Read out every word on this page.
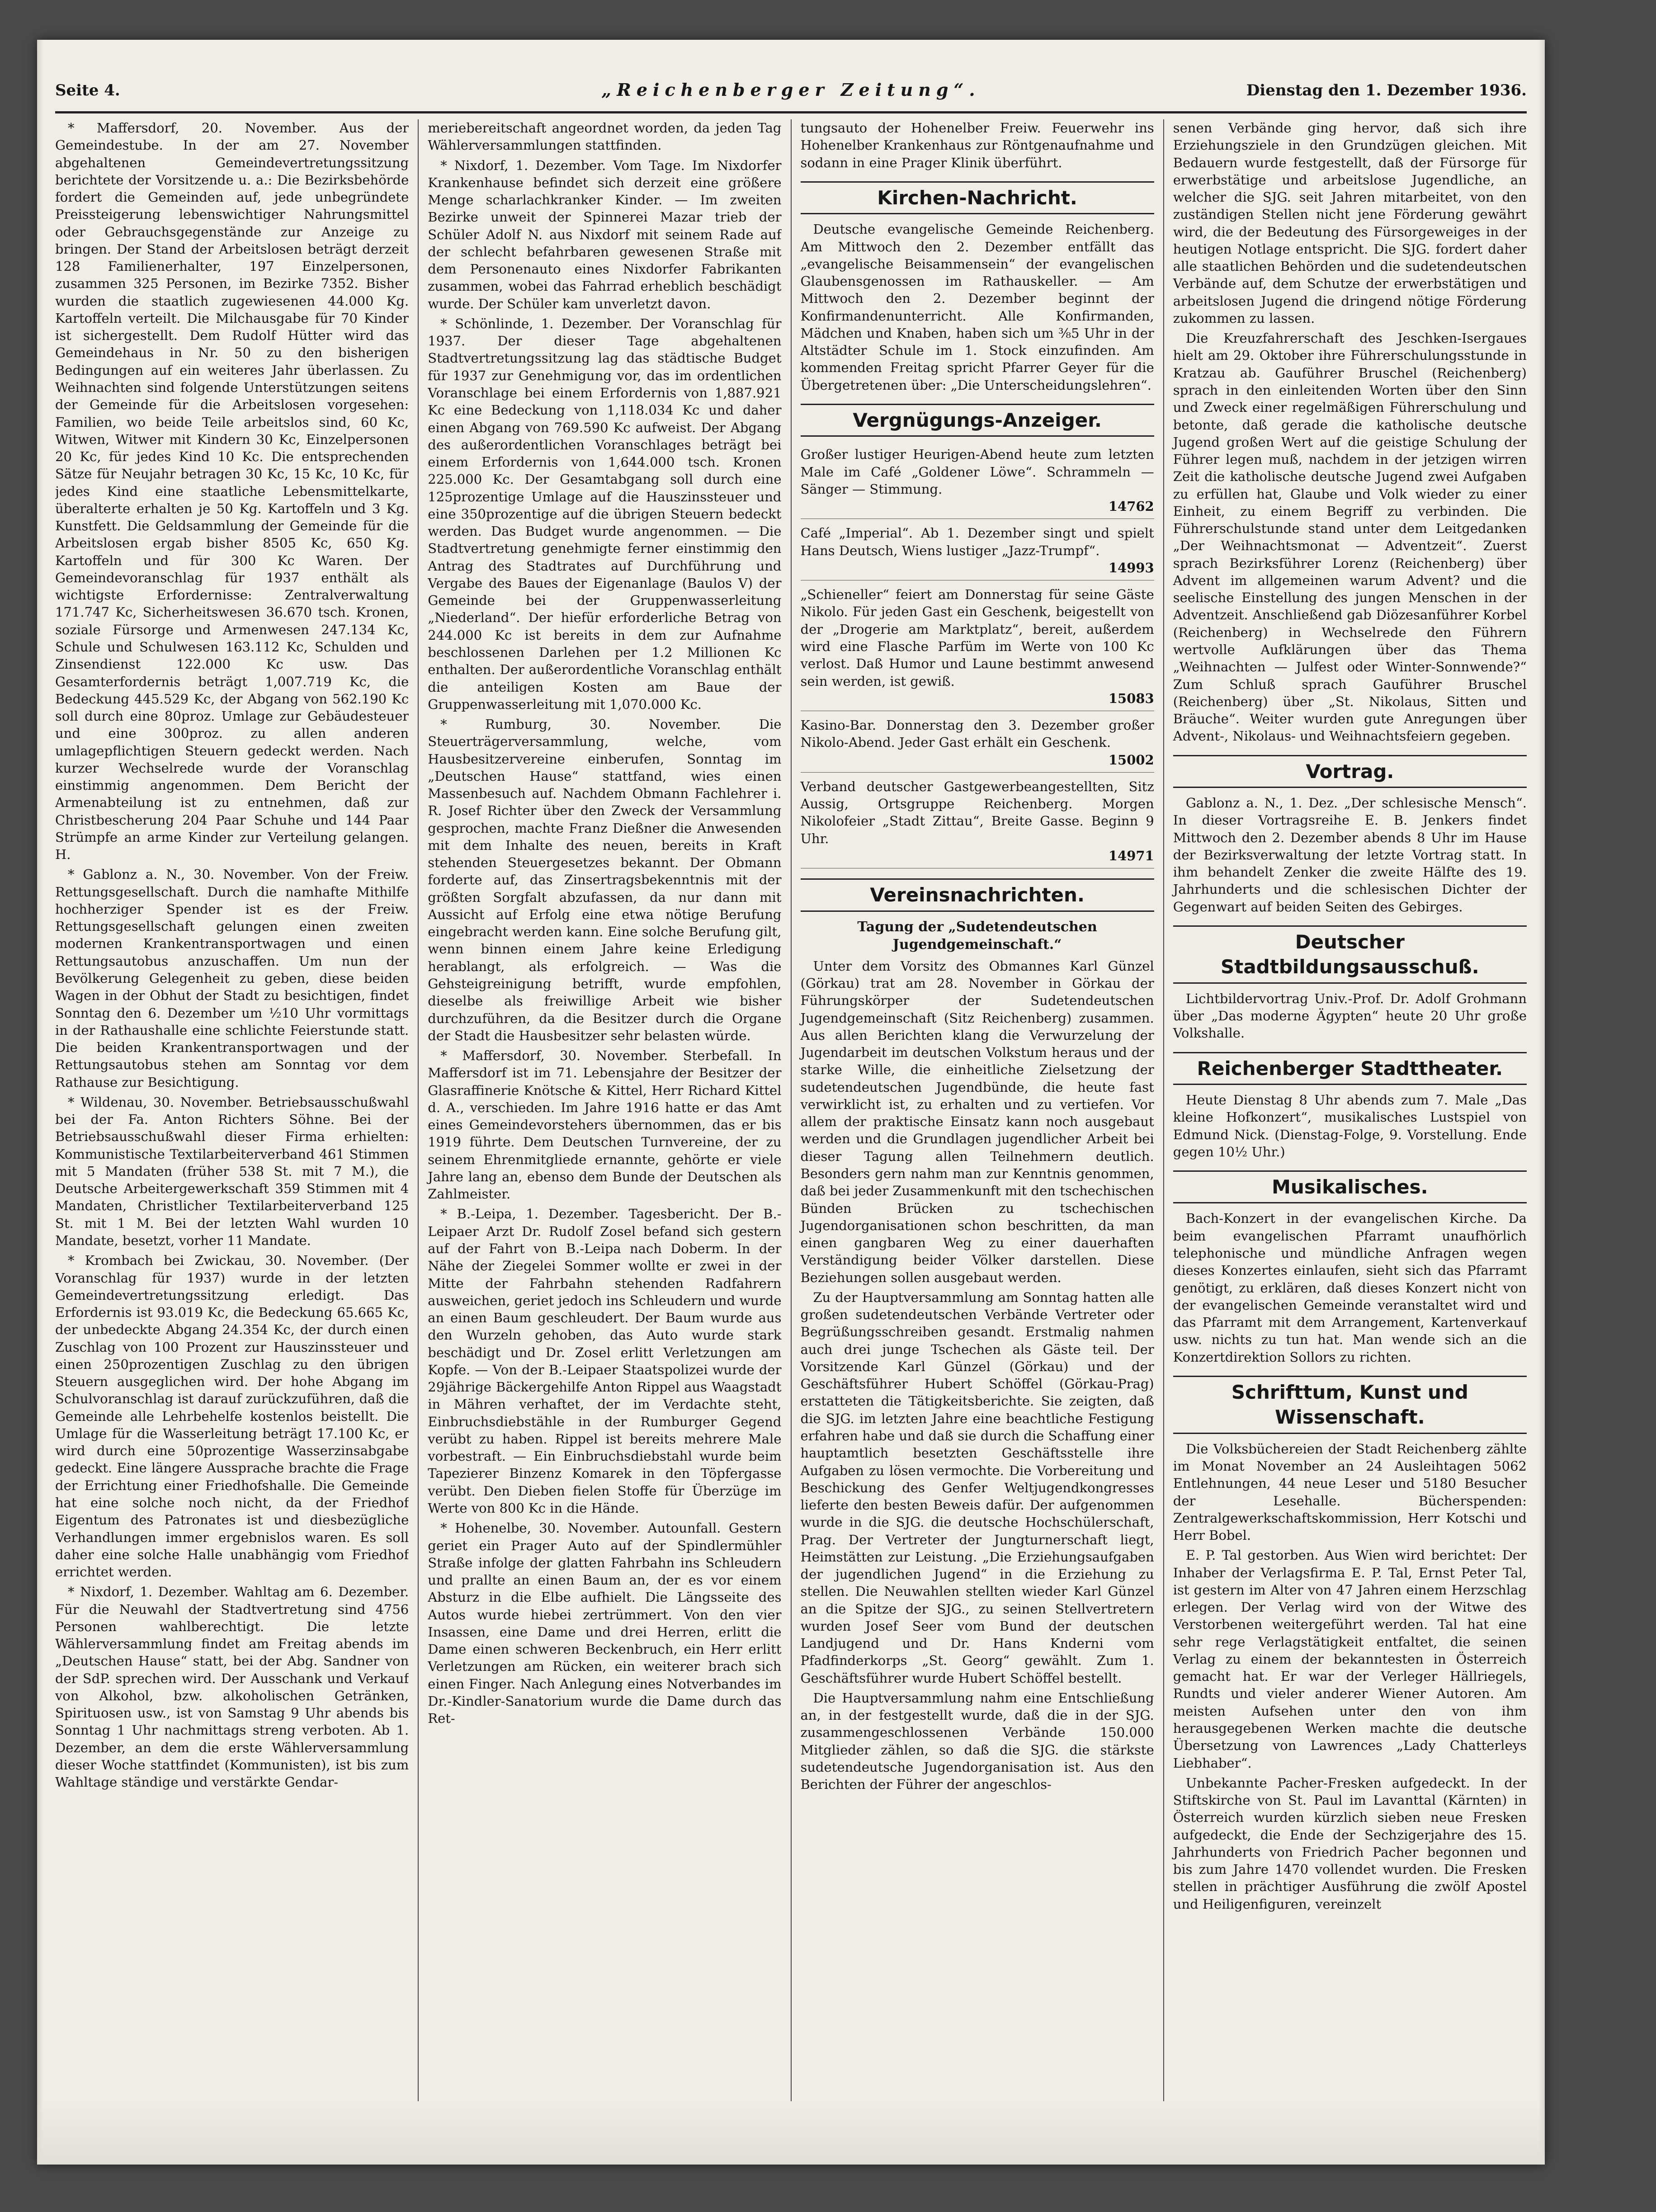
Seite 4.	„Reichenberger Zeitung“.	Dienstag den 1. Dezember 1936.

* Maffersdorf, 20. November. Aus der Gemeindestube. In der am 27. November abgehaltenen Gemeindevertretungssitzung berichtete der Vorsitzende u. a.: Die Bezirksbehörde fordert die Gemeinden auf, jede unbegründete Preissteigerung lebenswichtiger Nahrungsmittel oder Gebrauchsgegenstände zur Anzeige zu bringen. Der Stand der Arbeitslosen beträgt derzeit 128 Familienerhalter, 197 Einzelpersonen, zusammen 325 Personen, im Bezirke 7352. Bisher wurden die staatlich zugewiesenen 44.000 Kg. Kartoffeln verteilt. Die Milchausgabe für 70 Kinder ist sichergestellt. Dem Rudolf Hütter wird das Gemeindehaus in Nr. 50 zu den bisherigen Bedingungen auf ein weiteres Jahr überlassen. Zu Weihnachten sind folgende Unterstützungen seitens der Gemeinde für die Arbeitslosen vorgesehen: Familien, wo beide Teile arbeitslos sind, 60 Kc, Witwen, Witwer mit Kindern 30 Kc, Einzelpersonen 20 Kc, für jedes Kind 10 Kc. Die entsprechenden Sätze für Neujahr betragen 30 Kc, 15 Kc, 10 Kc, für jedes Kind eine staatliche Lebensmittelkarte, überalterte erhalten je 50 Kg. Kartoffeln und 3 Kg. Kunstfett. Die Geldsammlung der Gemeinde für die Arbeitslosen ergab bisher 8505 Kc, 650 Kg. Kartoffeln und für 300 Kc Waren. Der Gemeindevoranschlag für 1937 enthält als wichtigste Erfordernisse: Zentralverwaltung 171.747 Kc, Sicherheitswesen 36.670 tsch. Kronen, soziale Fürsorge und Armenwesen 247.134 Kc, Schule und Schulwesen 163.112 Kc, Schulden und Zinsendienst 122.000 Kc usw. Das Gesamterfordernis beträgt 1,007.719 Kc, die Bedeckung 445.529 Kc, der Abgang von 562.190 Kc soll durch eine 80proz. Umlage zur Gebäudesteuer und eine 300proz. zu allen anderen umlagepflichtigen Steuern gedeckt werden. Nach kurzer Wechselrede wurde der Voranschlag einstimmig angenommen. Dem Bericht der Armenabteilung ist zu entnehmen, daß zur Christbescherung 204 Paar Schuhe und 144 Paar Strümpfe an arme Kinder zur Verteilung gelangen. H.

* Gablonz a. N., 30. November. Von der Freiw. Rettungsgesellschaft. Durch die namhafte Mithilfe hochherziger Spender ist es der Freiw. Rettungsgesellschaft gelungen einen zweiten modernen Krankentransportwagen und einen Rettungsautobus anzuschaffen. Um nun der Bevölkerung Gelegenheit zu geben, diese beiden Wagen in der Obhut der Stadt zu besichtigen, findet Sonntag den 6. Dezember um ½10 Uhr vormittags in der Rathaushalle eine schlichte Feierstunde statt. Die beiden Krankentransportwagen und der Rettungsautobus stehen am Sonntag vor dem Rathause zur Besichtigung.

* Wildenau, 30. November. Betriebsausschußwahl bei der Fa. Anton Richters Söhne. Bei der Betriebsausschußwahl dieser Firma erhielten: Kommunistische Textilarbeiterverband 461 Stimmen mit 5 Mandaten (früher 538 St. mit 7 M.), die Deutsche Arbeitergewerkschaft 359 Stimmen mit 4 Mandaten, Christlicher Textilarbeiterverband 125 St. mit 1 M. Bei der letzten Wahl wurden 10 Mandate, besetzt, vorher 11 Mandate.

* Krombach bei Zwickau, 30. November. (Der Voranschlag für 1937) wurde in der letzten Gemeindevertretungssitzung erledigt. Das Erfordernis ist 93.019 Kc, die Bedeckung 65.665 Kc, der unbedeckte Abgang 24.354 Kc, der durch einen Zuschlag von 100 Prozent zur Hauszinssteuer und einen 250prozentigen Zuschlag zu den übrigen Steuern ausgeglichen wird. Der hohe Abgang im Schulvoranschlag ist darauf zurückzuführen, daß die Gemeinde alle Lehrbehelfe kostenlos beistellt. Die Umlage für die Wasserleitung beträgt 17.100 Kc, er wird durch eine 50prozentige Wasserzinsabgabe gedeckt. Eine längere Aussprache brachte die Frage der Errichtung einer Friedhofshalle. Die Gemeinde hat eine solche noch nicht, da der Friedhof Eigentum des Patronates ist und diesbezügliche Verhandlungen immer ergebnislos waren. Es soll daher eine solche Halle unabhängig vom Friedhof errichtet werden.

* Nixdorf, 1. Dezember. Wahltag am 6. Dezember. Für die Neuwahl der Stadtvertretung sind 4756 Personen wahlberechtigt. Die letzte Wählerversammlung findet am Freitag abends im „Deutschen Hause“ statt, bei der Abg. Sandner von der SdP. sprechen wird. Der Ausschank und Verkauf von Alkohol, bzw. alkoholischen Getränken, Spirituosen usw., ist von Samstag 9 Uhr abends bis Sonntag 1 Uhr nachmittags streng verboten. Ab 1. Dezember, an dem die erste Wählerversammlung dieser Woche stattfindet (Kommunisten), ist bis zum Wahltage ständige und verstärkte Gendar-

meriebereitschaft angeordnet worden, da jeden Tag Wählerversammlungen stattfinden.

* Nixdorf, 1. Dezember. Vom Tage. Im Nixdorfer Krankenhause befindet sich derzeit eine größere Menge scharlachkranker Kinder. — Im zweiten Bezirke unweit der Spinnerei Mazar trieb der Schüler Adolf N. aus Nixdorf mit seinem Rade auf der schlecht befahrbaren gewesenen Straße mit dem Personenauto eines Nixdorfer Fabrikanten zusammen, wobei das Fahrrad erheblich beschädigt wurde. Der Schüler kam unverletzt davon.

* Schönlinde, 1. Dezember. Der Voranschlag für 1937. Der dieser Tage abgehaltenen Stadtvertretungssitzung lag das städtische Budget für 1937 zur Genehmigung vor, das im ordentlichen Voranschlage bei einem Erfordernis von 1,887.921 Kc eine Bedeckung von 1,118.034 Kc und daher einen Abgang von 769.590 Kc aufweist. Der Abgang des außerordentlichen Voranschlages beträgt bei einem Erfordernis von 1,644.000 tsch. Kronen 225.000 Kc. Der Gesamtabgang soll durch eine 125prozentige Umlage auf die Hauszinssteuer und eine 350prozentige auf die übrigen Steuern bedeckt werden. Das Budget wurde angenommen. — Die Stadtvertretung genehmigte ferner einstimmig den Antrag des Stadtrates auf Durchführung und Vergabe des Baues der Eigenanlage (Baulos V) der Gemeinde bei der Gruppenwasserleitung „Niederland“. Der hiefür erforderliche Betrag von 244.000 Kc ist bereits in dem zur Aufnahme beschlossenen Darlehen per 1.2 Millionen Kc enthalten. Der außerordentliche Voranschlag enthält die anteiligen Kosten am Baue der Gruppenwasserleitung mit 1,070.000 Kc.

* Rumburg, 30. November. Die Steuerträgerversammlung, welche, vom Hausbesitzervereine einberufen, Sonntag im „Deutschen Hause“ stattfand, wies einen Massenbesuch auf. Nachdem Obmann Fachlehrer i. R. Josef Richter über den Zweck der Versammlung gesprochen, machte Franz Dießner die Anwesenden mit dem Inhalte des neuen, bereits in Kraft stehenden Steuergesetzes bekannt. Der Obmann forderte auf, das Zinsertragsbekenntnis mit der größten Sorgfalt abzufassen, da nur dann mit Aussicht auf Erfolg eine etwa nötige Berufung eingebracht werden kann. Eine solche Berufung gilt, wenn binnen einem Jahre keine Erledigung herablangt, als erfolgreich. — Was die Gehsteigreinigung betrifft, wurde empfohlen, dieselbe als freiwillige Arbeit wie bisher durchzuführen, da die Besitzer durch die Organe der Stadt die Hausbesitzer sehr belasten würde.

* Maffersdorf, 30. November. Sterbefall. In Maffersdorf ist im 71. Lebensjahre der Besitzer der Glasraffinerie Knötsche & Kittel, Herr Richard Kittel d. A., verschieden. Im Jahre 1916 hatte er das Amt eines Gemeindevorstehers übernommen, das er bis 1919 führte. Dem Deutschen Turnvereine, der zu seinem Ehrenmitgliede ernannte, gehörte er viele Jahre lang an, ebenso dem Bunde der Deutschen als Zahlmeister.

* B.-Leipa, 1. Dezember. Tagesbericht. Der B.-Leipaer Arzt Dr. Rudolf Zosel befand sich gestern auf der Fahrt von B.-Leipa nach Doberm. In der Nähe der Ziegelei Sommer wollte er zwei in der Mitte der Fahrbahn stehenden Radfahrern ausweichen, geriet jedoch ins Schleudern und wurde an einen Baum geschleudert. Der Baum wurde aus den Wurzeln gehoben, das Auto wurde stark beschädigt und Dr. Zosel erlitt Verletzungen am Kopfe. — Von der B.-Leipaer Staatspolizei wurde der 29jährige Bäckergehilfe Anton Rippel aus Waagstadt in Mähren verhaftet, der im Verdachte steht, Einbruchsdiebstähle in der Rumburger Gegend verübt zu haben. Rippel ist bereits mehrere Male vorbestraft. — Ein Einbruchsdiebstahl wurde beim Tapezierer Binzenz Komarek in den Töpfergasse verübt. Den Dieben fielen Stoffe für Überzüge im Werte von 800 Kc in die Hände.

* Hohenelbe, 30. November. Autounfall. Gestern geriet ein Prager Auto auf der Spindlermühler Straße infolge der glatten Fahrbahn ins Schleudern und prallte an einen Baum an, der es vor einem Absturz in die Elbe aufhielt. Die Längsseite des Autos wurde hiebei zertrümmert. Von den vier Insassen, eine Dame und drei Herren, erlitt die Dame einen schweren Beckenbruch, ein Herr erlitt Verletzungen am Rücken, ein weiterer brach sich einen Finger. Nach Anlegung eines Notverbandes im Dr.-Kindler-Sanatorium wurde die Dame durch das Ret-

tungsauto der Hohenelber Freiw. Feuerwehr ins Hohenelber Krankenhaus zur Röntgenaufnahme und sodann in eine Prager Klinik überführt.

Kirchen-Nachricht.

Deutsche evangelische Gemeinde Reichenberg. Am Mittwoch den 2. Dezember entfällt das „evangelische Beisammensein“ der evangelischen Glaubensgenossen im Rathauskeller. — Am Mittwoch den 2. Dezember beginnt der Konfirmandenunterricht. Alle Konfirmanden, Mädchen und Knaben, haben sich um ⅜5 Uhr in der Altstädter Schule im 1. Stock einzufinden. Am kommenden Freitag spricht Pfarrer Geyer für die Übergetretenen über: „Die Unterscheidungslehren“.

Vergnügungs-Anzeiger.
Großer lustiger Heurigen-Abend heute zum letzten Male im Café „Goldener Löwe“. Schrammeln — Sänger — Stimmung.
14762
Café „Imperial“. Ab 1. Dezember singt und spielt Hans Deutsch, Wiens lustiger „Jazz-Trumpf“.
14993
„Schieneller“ feiert am Donnerstag für seine Gäste Nikolo. Für jeden Gast ein Geschenk, beigestellt von der „Drogerie am Marktplatz“, bereit, außerdem wird eine Flasche Parfüm im Werte von 100 Kc verlost. Daß Humor und Laune bestimmt anwesend sein werden, ist gewiß.
15083
Kasino-Bar. Donnerstag den 3. Dezember großer Nikolo-Abend. Jeder Gast erhält ein Geschenk.
15002
Verband deutscher Gastgewerbeangestellten, Sitz Aussig, Ortsgruppe Reichenberg. Morgen Nikolofeier „Stadt Zittau“, Breite Gasse. Beginn 9 Uhr.
14971
Vereinsnachrichten.
Tagung der „Sudetendeutschen Jugendgemeinschaft.“

Unter dem Vorsitz des Obmannes Karl Günzel (Görkau) trat am 28. November in Görkau der Führungskörper der Sudetendeutschen Jugendgemeinschaft (Sitz Reichenberg) zusammen. Aus allen Berichten klang die Verwurzelung der Jugendarbeit im deutschen Volkstum heraus und der starke Wille, die einheitliche Zielsetzung der sudetendeutschen Jugendbünde, die heute fast verwirklicht ist, zu erhalten und zu vertiefen. Vor allem der praktische Einsatz kann noch ausgebaut werden und die Grundlagen jugendlicher Arbeit bei dieser Tagung allen Teilnehmern deutlich. Besonders gern nahm man zur Kenntnis genommen, daß bei jeder Zusammenkunft mit den tschechischen Bünden Brücken zu tschechischen Jugendorganisationen schon beschritten, da man einen gangbaren Weg zu einer dauerhaften Verständigung beider Völker darstellen. Diese Beziehungen sollen ausgebaut werden.

Zu der Hauptversammlung am Sonntag hatten alle großen sudetendeutschen Verbände Vertreter oder Begrüßungsschreiben gesandt. Erstmalig nahmen auch drei junge Tschechen als Gäste teil. Der Vorsitzende Karl Günzel (Görkau) und der Geschäftsführer Hubert Schöffel (Görkau-Prag) erstatteten die Tätigkeitsberichte. Sie zeigten, daß die SJG. im letzten Jahre eine beachtliche Festigung erfahren habe und daß sie durch die Schaffung einer hauptamtlich besetzten Geschäftsstelle ihre Aufgaben zu lösen vermochte. Die Vorbereitung und Beschickung des Genfer Weltjugendkongresses lieferte den besten Beweis dafür. Der aufgenommen wurde in die SJG. die deutsche Hochschülerschaft, Prag. Der Vertreter der Jungturnerschaft liegt, Heimstätten zur Leistung. „Die Erziehungsaufgaben der jugendlichen Jugend“ in die Erziehung zu stellen. Die Neuwahlen stellten wieder Karl Günzel an die Spitze der SJG., zu seinen Stellvertretern wurden Josef Seer vom Bund der deutschen Landjugend und Dr. Hans Knderni vom Pfadfinderkorps „St. Georg“ gewählt. Zum 1. Geschäftsführer wurde Hubert Schöffel bestellt.

Die Hauptversammlung nahm eine Entschließung an, in der festgestellt wurde, daß die in der SJG. zusammengeschlossenen Verbände 150.000 Mitglieder zählen, so daß die SJG. die stärkste sudetendeutsche Jugendorganisation ist. Aus den Berichten der Führer der angeschlos-

senen Verbände ging hervor, daß sich ihre Erziehungsziele in den Grundzügen gleichen. Mit Bedauern wurde festgestellt, daß der Fürsorge für erwerbstätige und arbeitslose Jugendliche, an welcher die SJG. seit Jahren mitarbeitet, von den zuständigen Stellen nicht jene Förderung gewährt wird, die der Bedeutung des Fürsorgeweiges in der heutigen Notlage entspricht. Die SJG. fordert daher alle staatlichen Behörden und die sudetendeutschen Verbände auf, dem Schutze der erwerbstätigen und arbeitslosen Jugend die dringend nötige Förderung zukommen zu lassen.

Die Kreuzfahrerschaft des Jeschken-Isergaues hielt am 29. Oktober ihre Führerschulungsstunde in Kratzau ab. Gauführer Bruschel (Reichenberg) sprach in den einleitenden Worten über den Sinn und Zweck einer regelmäßigen Führerschulung und betonte, daß gerade die katholische deutsche Jugend großen Wert auf die geistige Schulung der Führer legen muß, nachdem in der jetzigen wirren Zeit die katholische deutsche Jugend zwei Aufgaben zu erfüllen hat, Glaube und Volk wieder zu einer Einheit, zu einem Begriff zu verbinden. Die Führerschulstunde stand unter dem Leitgedanken „Der Weihnachtsmonat — Adventzeit“. Zuerst sprach Bezirksführer Lorenz (Reichenberg) über Advent im allgemeinen warum Advent? und die seelische Einstellung des jungen Menschen in der Adventzeit. Anschließend gab Diözesanführer Korbel (Reichenberg) in Wechselrede den Führern wertvolle Aufklärungen über das Thema „Weihnachten — Julfest oder Winter-Sonnwende?“ Zum Schluß sprach Gauführer Bruschel (Reichenberg) über „St. Nikolaus, Sitten und Bräuche“. Weiter wurden gute Anregungen über Advent-, Nikolaus- und Weihnachtsfeiern gegeben.

Vortrag.

Gablonz a. N., 1. Dez. „Der schlesische Mensch“. In dieser Vortragsreihe E. B. Jenkers findet Mittwoch den 2. Dezember abends 8 Uhr im Hause der Bezirksverwaltung der letzte Vortrag statt. In ihm behandelt Zenker die zweite Hälfte des 19. Jahrhunderts und die schlesischen Dichter der Gegenwart auf beiden Seiten des Gebirges.

Deutscher Stadtbildungsausschuß.

Lichtbildervortrag Univ.-Prof. Dr. Adolf Grohmann über „Das moderne Ägypten“ heute 20 Uhr große Volkshalle.

Reichenberger Stadttheater.

Heute Dienstag 8 Uhr abends zum 7. Male „Das kleine Hofkonzert“, musikalisches Lustspiel von Edmund Nick. (Dienstag-Folge, 9. Vorstellung. Ende gegen 10½ Uhr.)

Musikalisches.

Bach-Konzert in der evangelischen Kirche. Da beim evangelischen Pfarramt unaufhörlich telephonische und mündliche Anfragen wegen dieses Konzertes einlaufen, sieht sich das Pfarramt genötigt, zu erklären, daß dieses Konzert nicht von der evangelischen Gemeinde veranstaltet wird und das Pfarramt mit dem Arrangement, Kartenverkauf usw. nichts zu tun hat. Man wende sich an die Konzertdirektion Sollors zu richten.

Schrifttum, Kunst und Wissenschaft.

Die Volksbüchereien der Stadt Reichenberg zählte im Monat November an 24 Ausleihtagen 5062 Entlehnungen, 44 neue Leser und 5180 Besucher der Lesehalle. Bücherspenden: Zentralgewerkschaftskommission, Herr Kotschi und Herr Bobel.

E. P. Tal gestorben. Aus Wien wird berichtet: Der Inhaber der Verlagsfirma E. P. Tal, Ernst Peter Tal, ist gestern im Alter von 47 Jahren einem Herzschlag erlegen. Der Verlag wird von der Witwe des Verstorbenen weitergeführt werden. Tal hat eine sehr rege Verlagstätigkeit entfaltet, die seinen Verlag zu einem der bekanntesten in Österreich gemacht hat. Er war der Verleger Hällriegels, Rundts und vieler anderer Wiener Autoren. Am meisten Aufsehen unter den von ihm herausgegebenen Werken machte die deutsche Übersetzung von Lawrences „Lady Chatterleys Liebhaber“.

Unbekannte Pacher-Fresken aufgedeckt. In der Stiftskirche von St. Paul im Lavanttal (Kärnten) in Österreich wurden kürzlich sieben neue Fresken aufgedeckt, die Ende der Sechzigerjahre des 15. Jahrhunderts von Friedrich Pacher begonnen und bis zum Jahre 1470 vollendet wurden. Die Fresken stellen in prächtiger Ausführung die zwölf Apostel und Heiligenfiguren, vereinzelt
